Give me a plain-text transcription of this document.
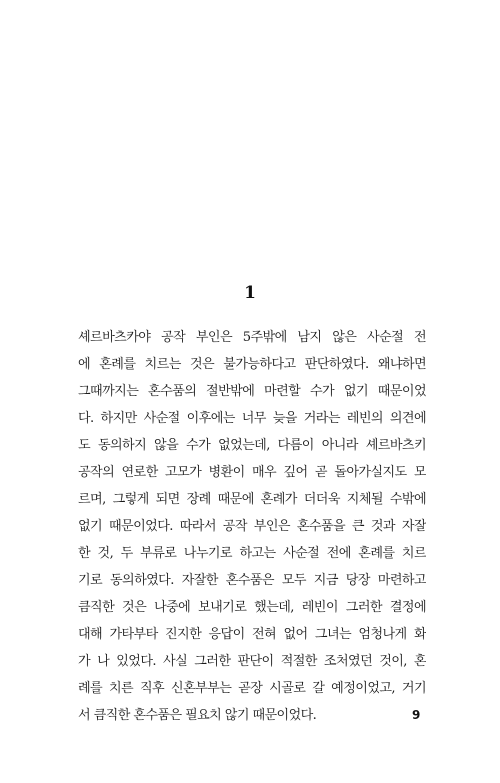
1
셰르바츠카야 공작 부인은 5주밖에 남지 않은 사순절 전
에 혼례를 치르는 것은 불가능하다고 판단하였다. 왜냐하면
그때까지는 혼수품의 절반밖에 마련할 수가 없기 때문이었
다. 하지만 사순절 이후에는 너무 늦을 거라는 레빈의 의견에
도 동의하지 않을 수가 없었는데, 다름이 아니라 셰르바츠키
공작의 연로한 고모가 병환이 매우 깊어 곧 돌아가실지도 모
르며, 그렇게 되면 장례 때문에 혼례가 더더욱 지체될 수밖에
없기 때문이었다. 따라서 공작 부인은 혼수품을 큰 것과 자잘
한 것, 두 부류로 나누기로 하고는 사순절 전에 혼례를 치르
기로 동의하였다. 자잘한 혼수품은 모두 지금 당장 마련하고
큼직한 것은 나중에 보내기로 했는데, 레빈이 그러한 결정에
대해 가타부타 진지한 응답이 전혀 없어 그녀는 엄청나게 화
가 나 있었다. 사실 그러한 판단이 적절한 조처였던 것이, 혼
례를 치른 직후 신혼부부는 곧장 시골로 갈 예정이었고, 거기
서 큼직한 혼수품은 필요치 않기 때문이었다.	9
